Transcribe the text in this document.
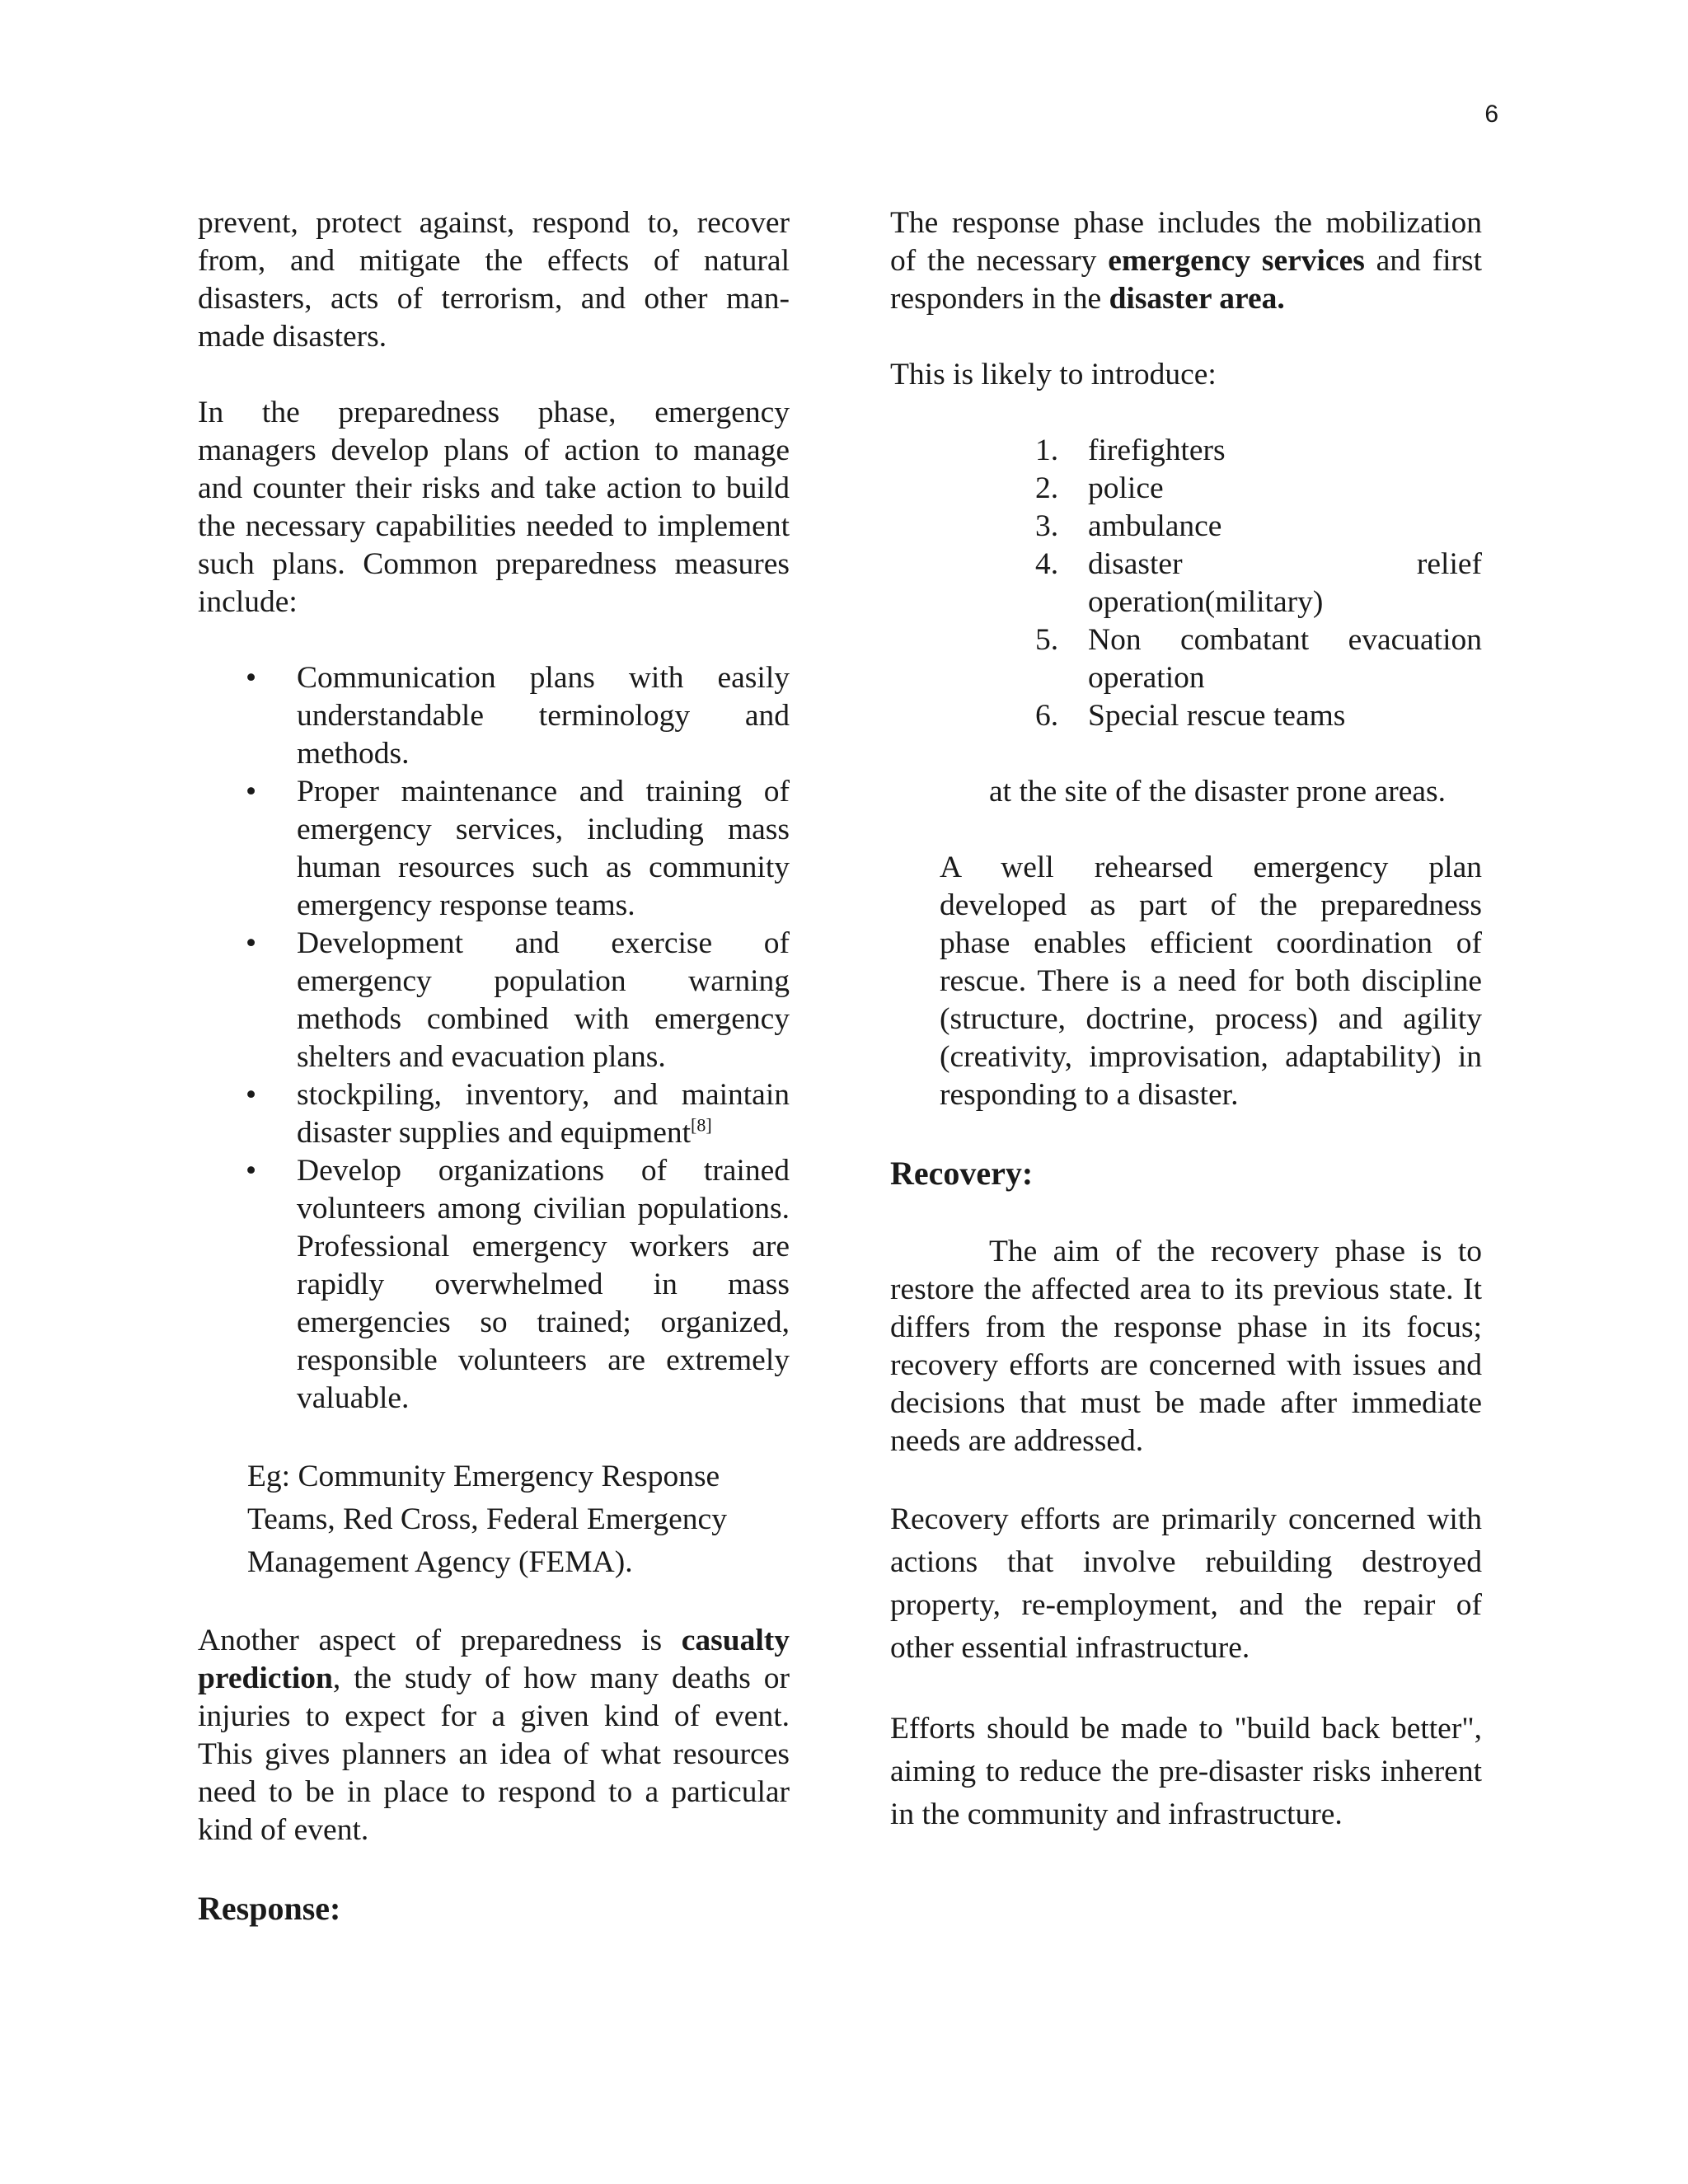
6

prevent, protect against, respond to, recover from, and mitigate the effects of natural disasters, acts of terrorism, and other man-made disasters.

In the preparedness phase, emergency managers develop plans of action to manage and counter their risks and take action to build the necessary capabilities needed to implement such plans. Common preparedness measures include:

• Communication plans with easily understandable terminology and methods.
• Proper maintenance and training of emergency services, including mass human resources such as community emergency response teams.
• Development and exercise of emergency population warning methods combined with emergency shelters and evacuation plans.
• stockpiling, inventory, and maintain disaster supplies and equipment[8]
• Develop organizations of trained volunteers among civilian populations. Professional emergency workers are rapidly overwhelmed in mass emergencies so trained; organized, responsible volunteers are extremely valuable.
Eg: Community Emergency Response
Teams, Red Cross, Federal Emergency
Management Agency (FEMA).

Another aspect of preparedness is casualty prediction, the study of how many deaths or injuries to expect for a given kind of event. This gives planners an idea of what resources need to be in place to respond to a particular kind of event.

Response:

The response phase includes the mobilization of the necessary emergency services and first responders in the disaster area.

This is likely to introduce:

1. firefighters
2. police
3. ambulance
4. disaster relief operation(military)
5. Non combatant evacuation operation
6. Special rescue teams

at the site of the disaster prone areas.

A well rehearsed emergency plan developed as part of the preparedness phase enables efficient coordination of rescue. There is a need for both discipline (structure, doctrine, process) and agility (creativity, improvisation, adaptability) in responding to a disaster.

Recovery:

The aim of the recovery phase is to restore the affected area to its previous state. It differs from the response phase in its focus; recovery efforts are concerned with issues and decisions that must be made after immediate needs are addressed.

Recovery efforts are primarily concerned with actions that involve rebuilding destroyed property, re-employment, and the repair of other essential infrastructure.

Efforts should be made to "build back better", aiming to reduce the pre-disaster risks inherent in the community and infrastructure.
